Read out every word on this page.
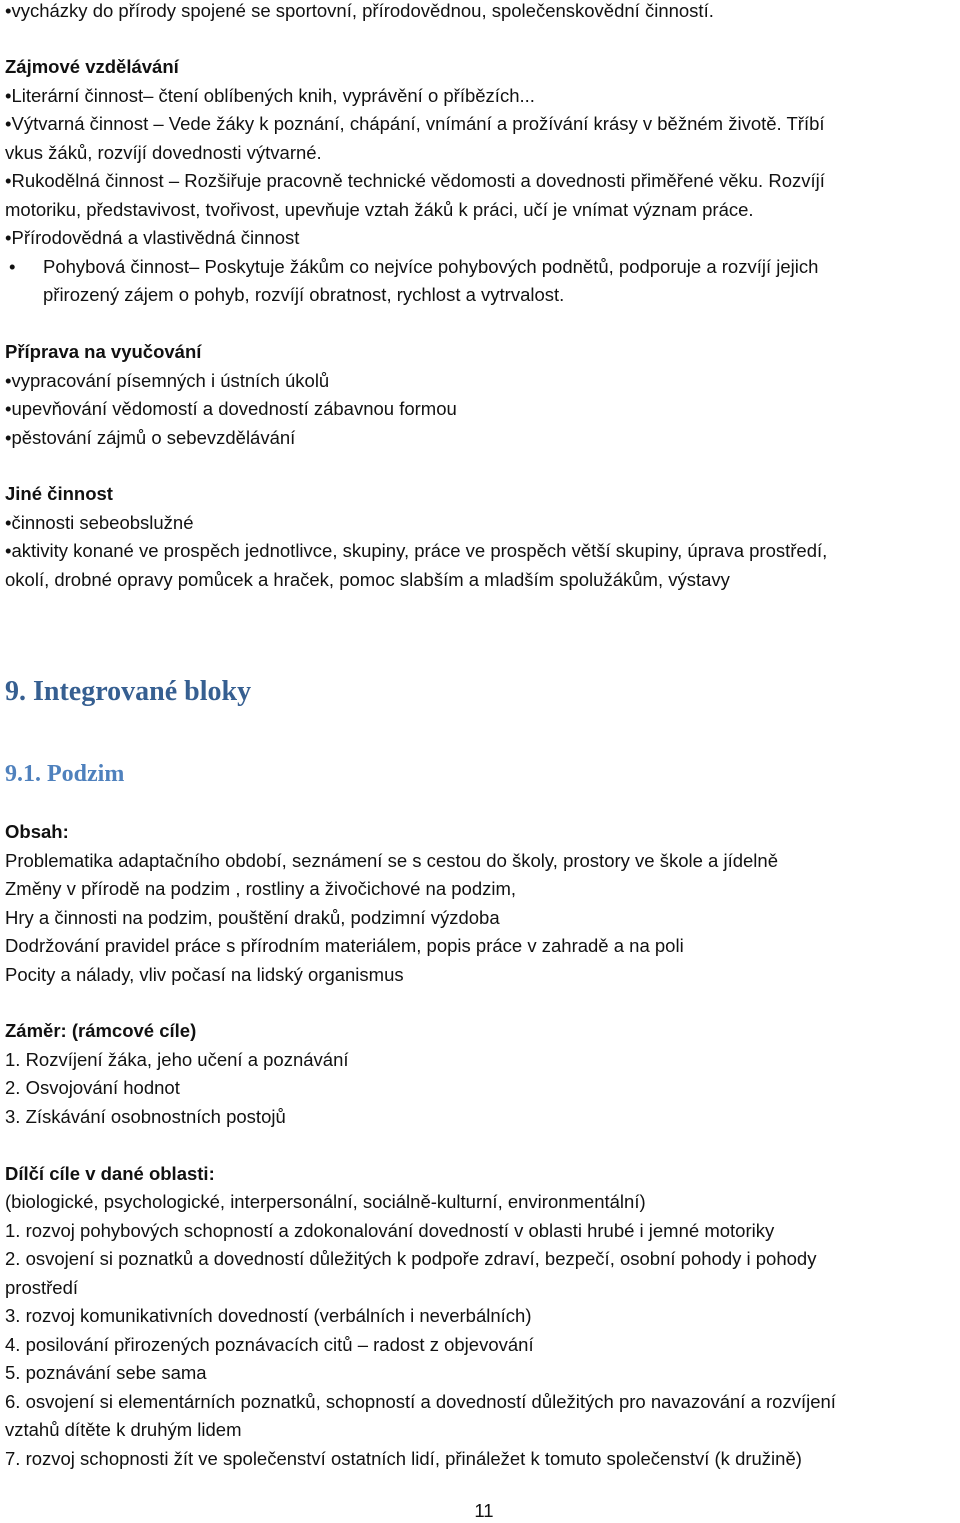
•vycházky do přírody spojené se sportovní, přírodovědnou, společenskovědní činností.
Zájmové vzdělávání
•Literární činnost– čtení oblíbených knih, vyprávění o příbězích...
•Výtvarná činnost – Vede žáky k poznání, chápání, vnímání a prožívání krásy v běžném životě. Tříbí
vkus žáků, rozvíjí dovednosti výtvarné.
•Rukodělná činnost – Rozšiřuje pracovně technické vědomosti a dovednosti přiměřené věku. Rozvíjí
motoriku, představivost, tvořivost, upevňuje vztah žáků k práci, učí je vnímat význam práce.
•Přírodovědná a vlastivědná činnost
•	Pohybová činnost– Poskytuje žákům co nejvíce pohybových podnětů, podporuje a rozvíjí jejich
přirozený zájem o pohyb, rozvíjí obratnost, rychlost a vytrvalost.
Příprava na vyučování
•vypracování písemných i ústních úkolů
•upevňování vědomostí a dovedností zábavnou formou
•pěstování zájmů o sebevzdělávání
Jiné činnost
•činnosti sebeobslužné
•aktivity konané ve prospěch jednotlivce, skupiny, práce ve prospěch větší skupiny, úprava prostředí,
okolí, drobné opravy pomůcek a hraček, pomoc slabším a mladším spolužákům, výstavy
9. Integrované bloky
9.1. Podzim
Obsah:
Problematika adaptačního období, seznámení se s cestou do školy, prostory ve škole a jídelně
Změny v přírodě na podzim , rostliny a živočichové na podzim,
Hry a činnosti na podzim, pouštění draků, podzimní výzdoba
Dodržování pravidel práce s přírodním materiálem, popis práce v zahradě a na poli
Pocity a nálady, vliv počasí na lidský organismus
Záměr: (rámcové cíle)
1. Rozvíjení žáka, jeho učení a poznávání
2. Osvojování hodnot
3. Získávání osobnostních postojů
Dílčí cíle v dané oblasti:
(biologické, psychologické, interpersonální, sociálně-kulturní, environmentální)
1. rozvoj pohybových schopností a zdokonalování dovedností v oblasti hrubé i jemné motoriky
2. osvojení si poznatků a dovedností důležitých k podpoře zdraví, bezpečí, osobní pohody i pohody
prostředí
3. rozvoj komunikativních dovedností (verbálních i neverbálních)
4. posilování přirozených poznávacích citů – radost z objevování
5. poznávání sebe sama
6. osvojení si elementárních poznatků, schopností a dovedností důležitých pro navazování a rozvíjení
vztahů dítěte k druhým lidem
7. rozvoj schopnosti žít ve společenství ostatních lidí, přináležet k tomuto společenství (k družině)
11
